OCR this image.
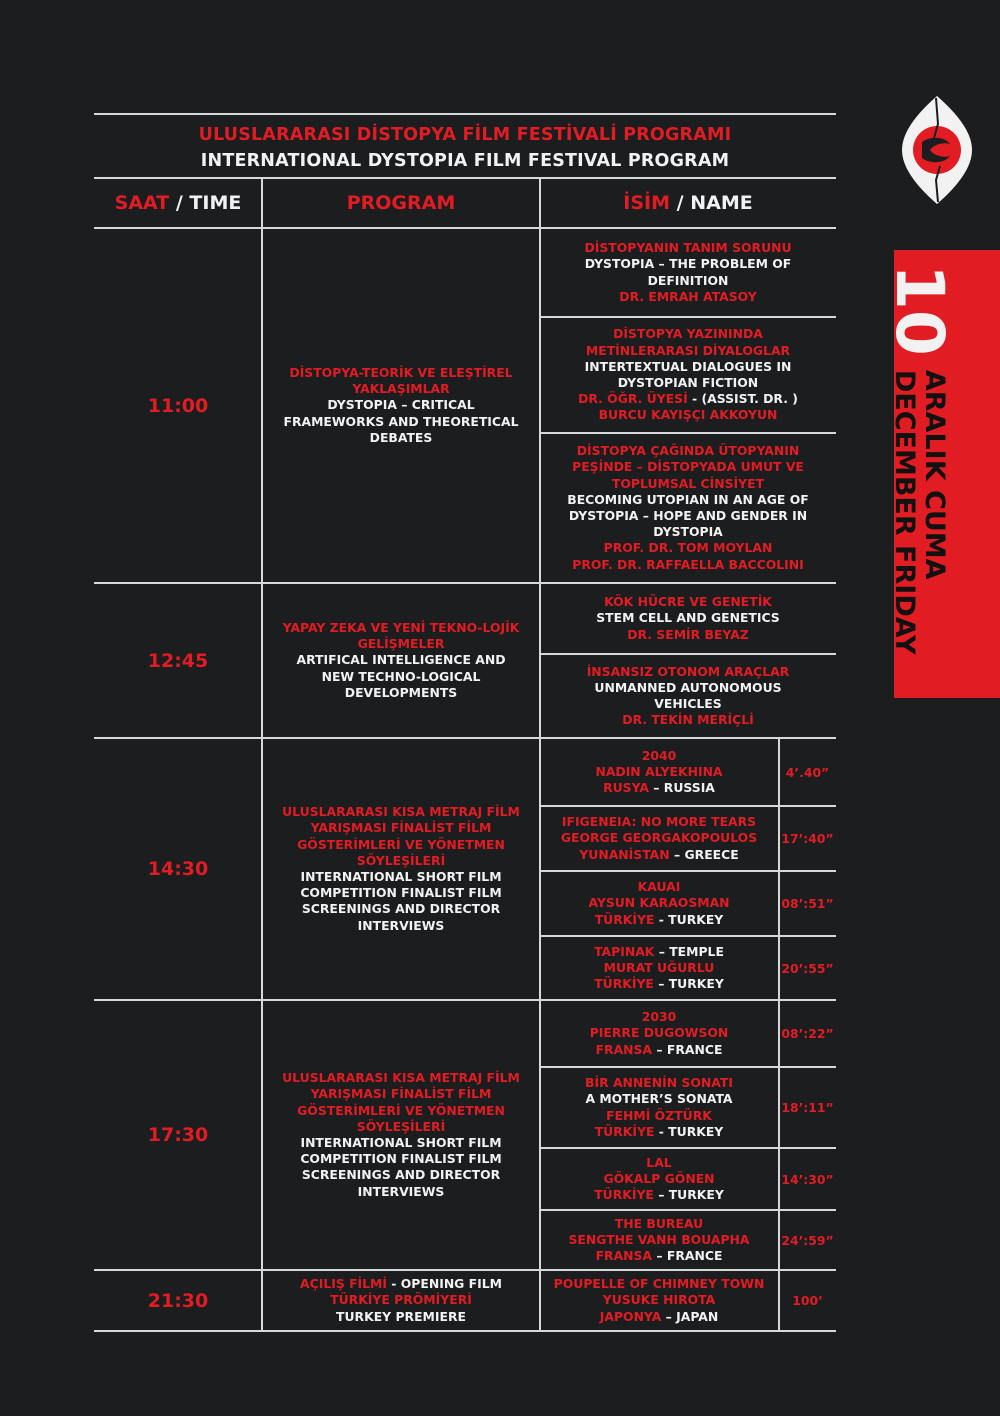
10
ARALIK CUMA
DECEMBER FRIDAY
ULUSLARARASI DİSTOPYA FİLM FESTİVALİ PROGRAMI
INTERNATIONAL DYSTOPIA FILM FESTIVAL PROGRAM
SAAT
/ TIME	PROGRAM	İSİM
/ NAME
11:00
DİSTOPYA-TEORİK VE ELEŞTİREL
YAKLAŞIMLAR
DYSTOPIA – CRITICAL
FRAMEWORKS AND THEORETICAL
DEBATES
DİSTOPYANIN TANIM SORUNU
DYSTOPIA – THE PROBLEM OF
DEFINITION
DR. EMRAH ATASOY
DİSTOPYA YAZININDA
METİNLERARASI DİYALOGLAR
INTERTEXTUAL DIALOGUES IN
DYSTOPIAN FICTION
DR. ÖĞR. ÜYESİ - (ASSIST. DR. )
BURCU KAYIŞÇI AKKOYUN
DİSTOPYA ÇAĞINDA ÜTOPYANIN
PEŞİNDE – DİSTOPYADA UMUT VE
TOPLUMSAL CİNSİYET
BECOMING UTOPIAN IN AN AGE OF
DYSTOPIA – HOPE AND GENDER IN
DYSTOPIA
PROF. DR. TOM MOYLAN
PROF. DR. RAFFAELLA BACCOLINI
12:45
YAPAY ZEKA VE YENİ TEKNO-LOJİK
GELİŞMELER
ARTIFICAL INTELLIGENCE AND
NEW TECHNO-LOGICAL
DEVELOPMENTS
KÖK HÜCRE VE GENETİK
STEM CELL AND GENETICS
DR. SEMİR BEYAZ
İNSANSIZ OTONOM ARAÇLAR
UNMANNED AUTONOMOUS
VEHICLES
DR. TEKİN MERİÇLİ
14:30
ULUSLARARASI KISA METRAJ FİLM
YARIŞMASI FİNALİST FİLM
GÖSTERİMLERİ VE YÖNETMEN
SÖYLEŞİLERİ
INTERNATIONAL SHORT FILM
COMPETITION FINALIST FILM
SCREENINGS AND DIRECTOR
INTERVIEWS
2040
NADIN ALYEKHINA
RUSYA – RUSSIA
4’.40”
IFIGENEIA: NO MORE TEARS
GEORGE GEORGAKOPOULOS
YUNANİSTAN – GREECE
17’:40”
KAUAI
AYSUN KARAOSMAN
TÜRKİYE - TURKEY
08’:51”
TAPINAK – TEMPLE
MURAT UĞURLU
TÜRKİYE – TURKEY
20’:55”
17:30
ULUSLARARASI KISA METRAJ FİLM
YARIŞMASI FİNALİST FİLM
GÖSTERİMLERİ VE YÖNETMEN
SÖYLEŞİLERİ
INTERNATIONAL SHORT FILM
COMPETITION FINALIST FILM
SCREENINGS AND DIRECTOR
INTERVIEWS
2030
PIERRE DUGOWSON
FRANSA – FRANCE
08’:22”
BİR ANNENİN SONATI
A MOTHER’S SONATA
FEHMİ ÖZTÜRK
TÜRKİYE - TURKEY
18’:11”
LAL
GÖKALP GÖNEN
TÜRKİYE – TURKEY
14’:30”
THE BUREAU
SENGTHE VANH BOUAPHA
FRANSA – FRANCE
24’:59”
21:30
AÇILIŞ FİLMİ - OPENING FILM
TÜRKİYE PRÖMİYERİ
TURKEY PREMIERE
POUPELLE OF CHIMNEY TOWN
YUSUKE HIROTA
JAPONYA – JAPAN
100’
